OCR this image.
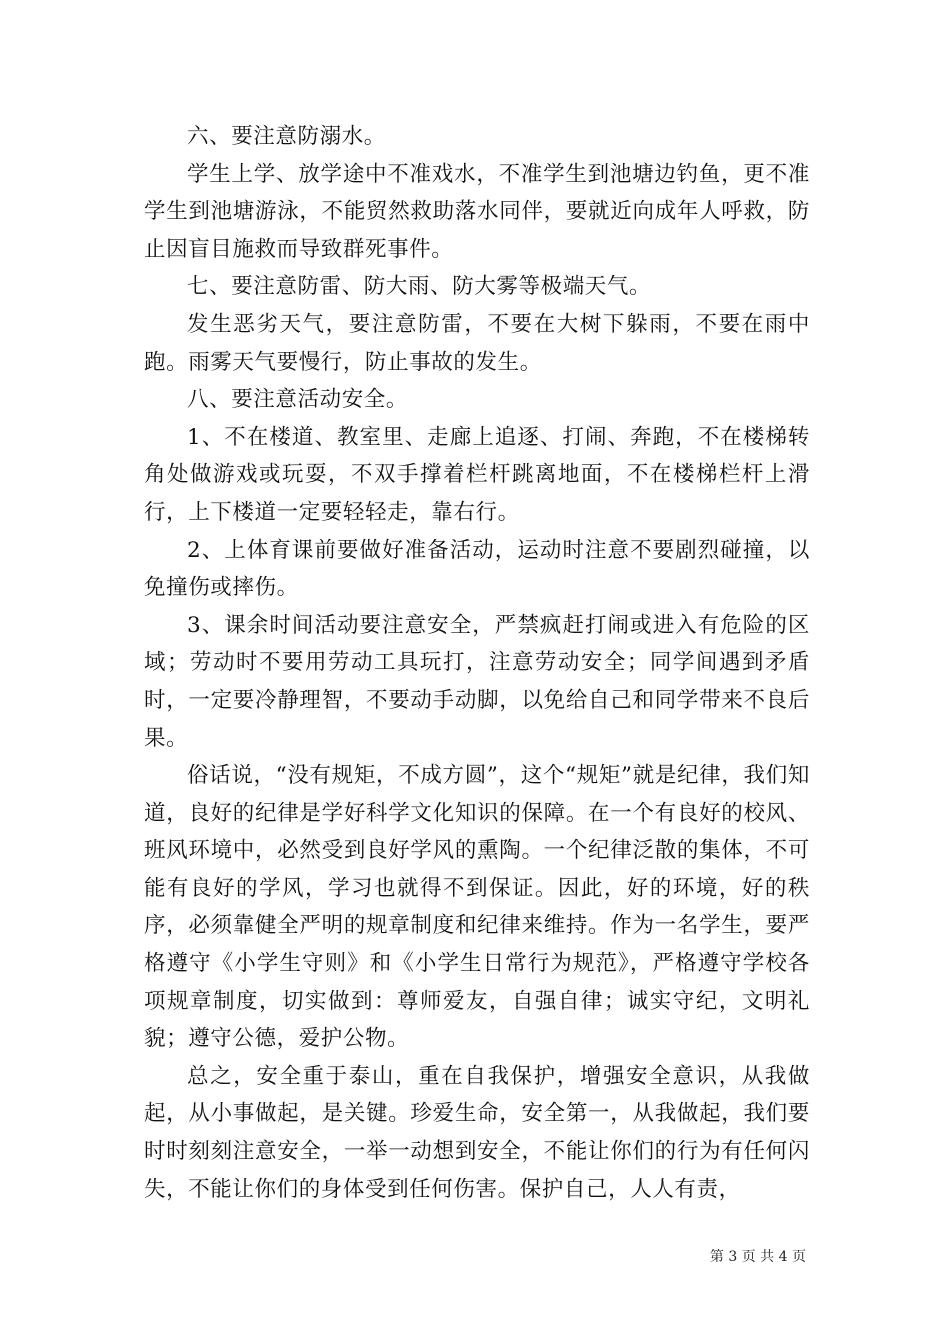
六、要注意防溺水。

学生上学、放学途中不准戏水，不准学生到池塘边钓鱼，更不准学生到池塘游泳，不能贸然救助落水同伴，要就近向成年人呼救，防止因盲目施救而导致群死事件。

七、要注意防雷、防大雨、防大雾等极端天气。

发生恶劣天气，要注意防雷，不要在大树下躲雨，不要在雨中跑。雨雾天气要慢行，防止事故的发生。

八、要注意活动安全。

1、不在楼道、教室里、走廊上追逐、打闹、奔跑，不在楼梯转角处做游戏或玩耍，不双手撑着栏杆跳离地面，不在楼梯栏杆上滑行，上下楼道一定要轻轻走，靠右行。

2、上体育课前要做好准备活动，运动时注意不要剧烈碰撞，以免撞伤或摔伤。

3、课余时间活动要注意安全，严禁疯赶打闹或进入有危险的区域；劳动时不要用劳动工具玩打，注意劳动安全；同学间遇到矛盾时，一定要冷静理智，不要动手动脚，以免给自己和同学带来不良后果。

俗话说，“没有规矩，不成方圆”，这个“规矩”就是纪律，我们知道，良好的纪律是学好科学文化知识的保障。在一个有良好的校风、班风环境中，必然受到良好学风的熏陶。一个纪律泛散的集体，不可能有良好的学风，学习也就得不到保证。因此，好的环境，好的秩序，必须靠健全严明的规章制度和纪律来维持。作为一名学生，要严格遵守《小学生守则》和《小学生日常行为规范》，严格遵守学校各项规章制度，切实做到：尊师爱友，自强自律；诚实守纪，文明礼貌；遵守公德，爱护公物。

总之，安全重于泰山，重在自我保护，增强安全意识，从我做起，从小事做起，是关键。珍爱生命，安全第一，从我做起，我们要时时刻刻注意安全，一举一动想到安全，不能让你们的行为有任何闪失，不能让你们的身体受到任何伤害。保护自己，人人有责，

第 3 页 共 4 页
